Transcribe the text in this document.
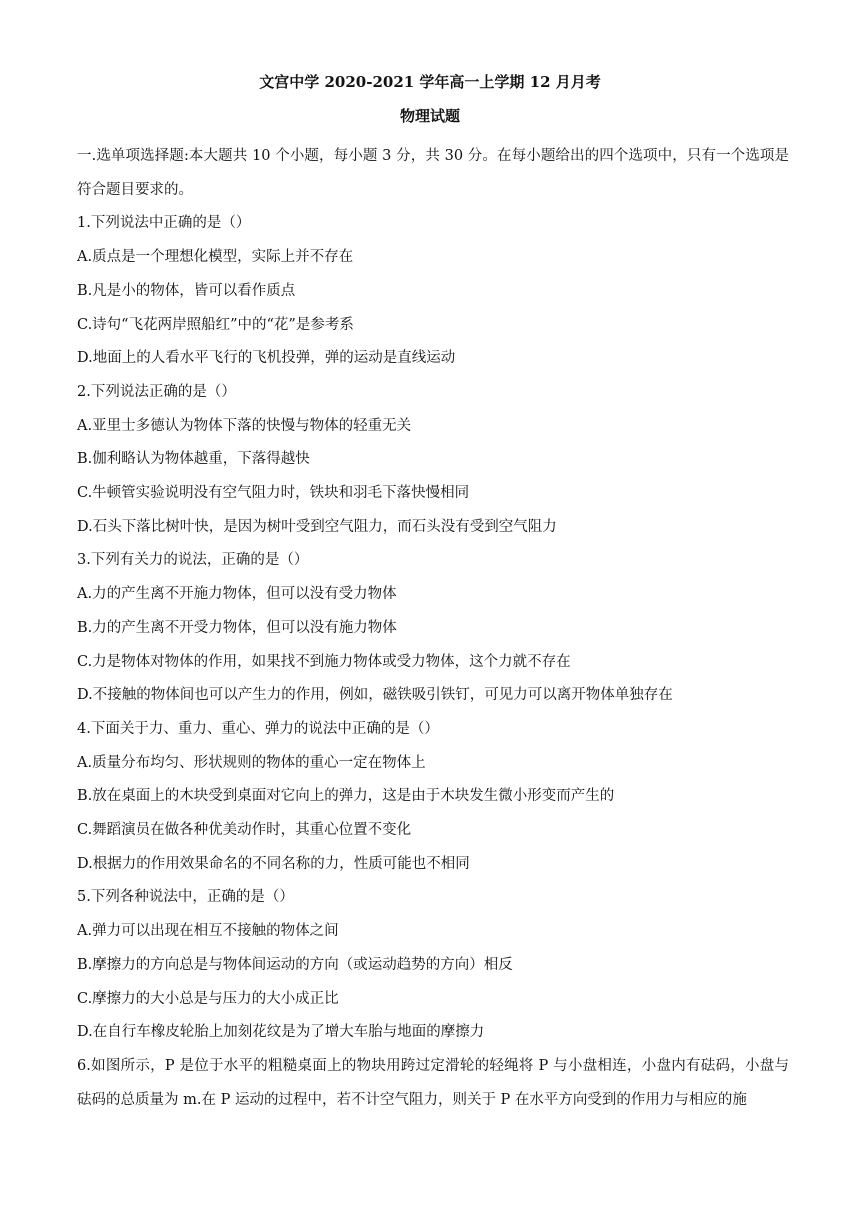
文宫中学 2020-2021 学年高一上学期 12 月月考
物理试题

一.选单项选择题:本大题共 10 个小题，每小题 3 分，共 30 分。在每小题给出的四个选项中，只有一个选项是符合题目要求的。

1.下列说法中正确的是（）

A.质点是一个理想化模型，实际上并不存在

B.凡是小的物体，皆可以看作质点

C.诗句“飞花两岸照船红”中的“花”是参考系

D.地面上的人看水平飞行的飞机投弹，弹的运动是直线运动

2.下列说法正确的是（）

A.亚里士多德认为物体下落的快慢与物体的轻重无关

B.伽利略认为物体越重，下落得越快

C.牛顿管实验说明没有空气阻力时，铁块和羽毛下落快慢相同

D.石头下落比树叶快，是因为树叶受到空气阻力，而石头没有受到空气阻力

3.下列有关力的说法，正确的是（）

A.力的产生离不开施力物体，但可以没有受力物体

B.力的产生离不开受力物体，但可以没有施力物体

C.力是物体对物体的作用，如果找不到施力物体或受力物体，这个力就不存在

D.不接触的物体间也可以产生力的作用，例如，磁铁吸引铁钉，可见力可以离开物体单独存在

4.下面关于力、重力、重心、弹力的说法中正确的是（）

A.质量分布均匀、形状规则的物体的重心一定在物体上

B.放在桌面上的木块受到桌面对它向上的弹力，这是由于木块发生微小形变而产生的

C.舞蹈演员在做各种优美动作时，其重心位置不变化

D.根据力的作用效果命名的不同名称的力，性质可能也不相同

5.下列各种说法中，正确的是（）

A.弹力可以出现在相互不接触的物体之间

B.摩擦力的方向总是与物体间运动的方向（或运动趋势的方向）相反

C.摩擦力的大小总是与压力的大小成正比

D.在自行车橡皮轮胎上加刻花纹是为了增大车胎与地面的摩擦力

6.如图所示，P 是位于水平的粗糙桌面上的物块用跨过定滑轮的轻绳将 P 与小盘相连，小盘内有砝码，小盘与砝码的总质量为 m.在 P 运动的过程中，若不计空气阻力，则关于 P 在水平方向受到的作用力与相应的施
